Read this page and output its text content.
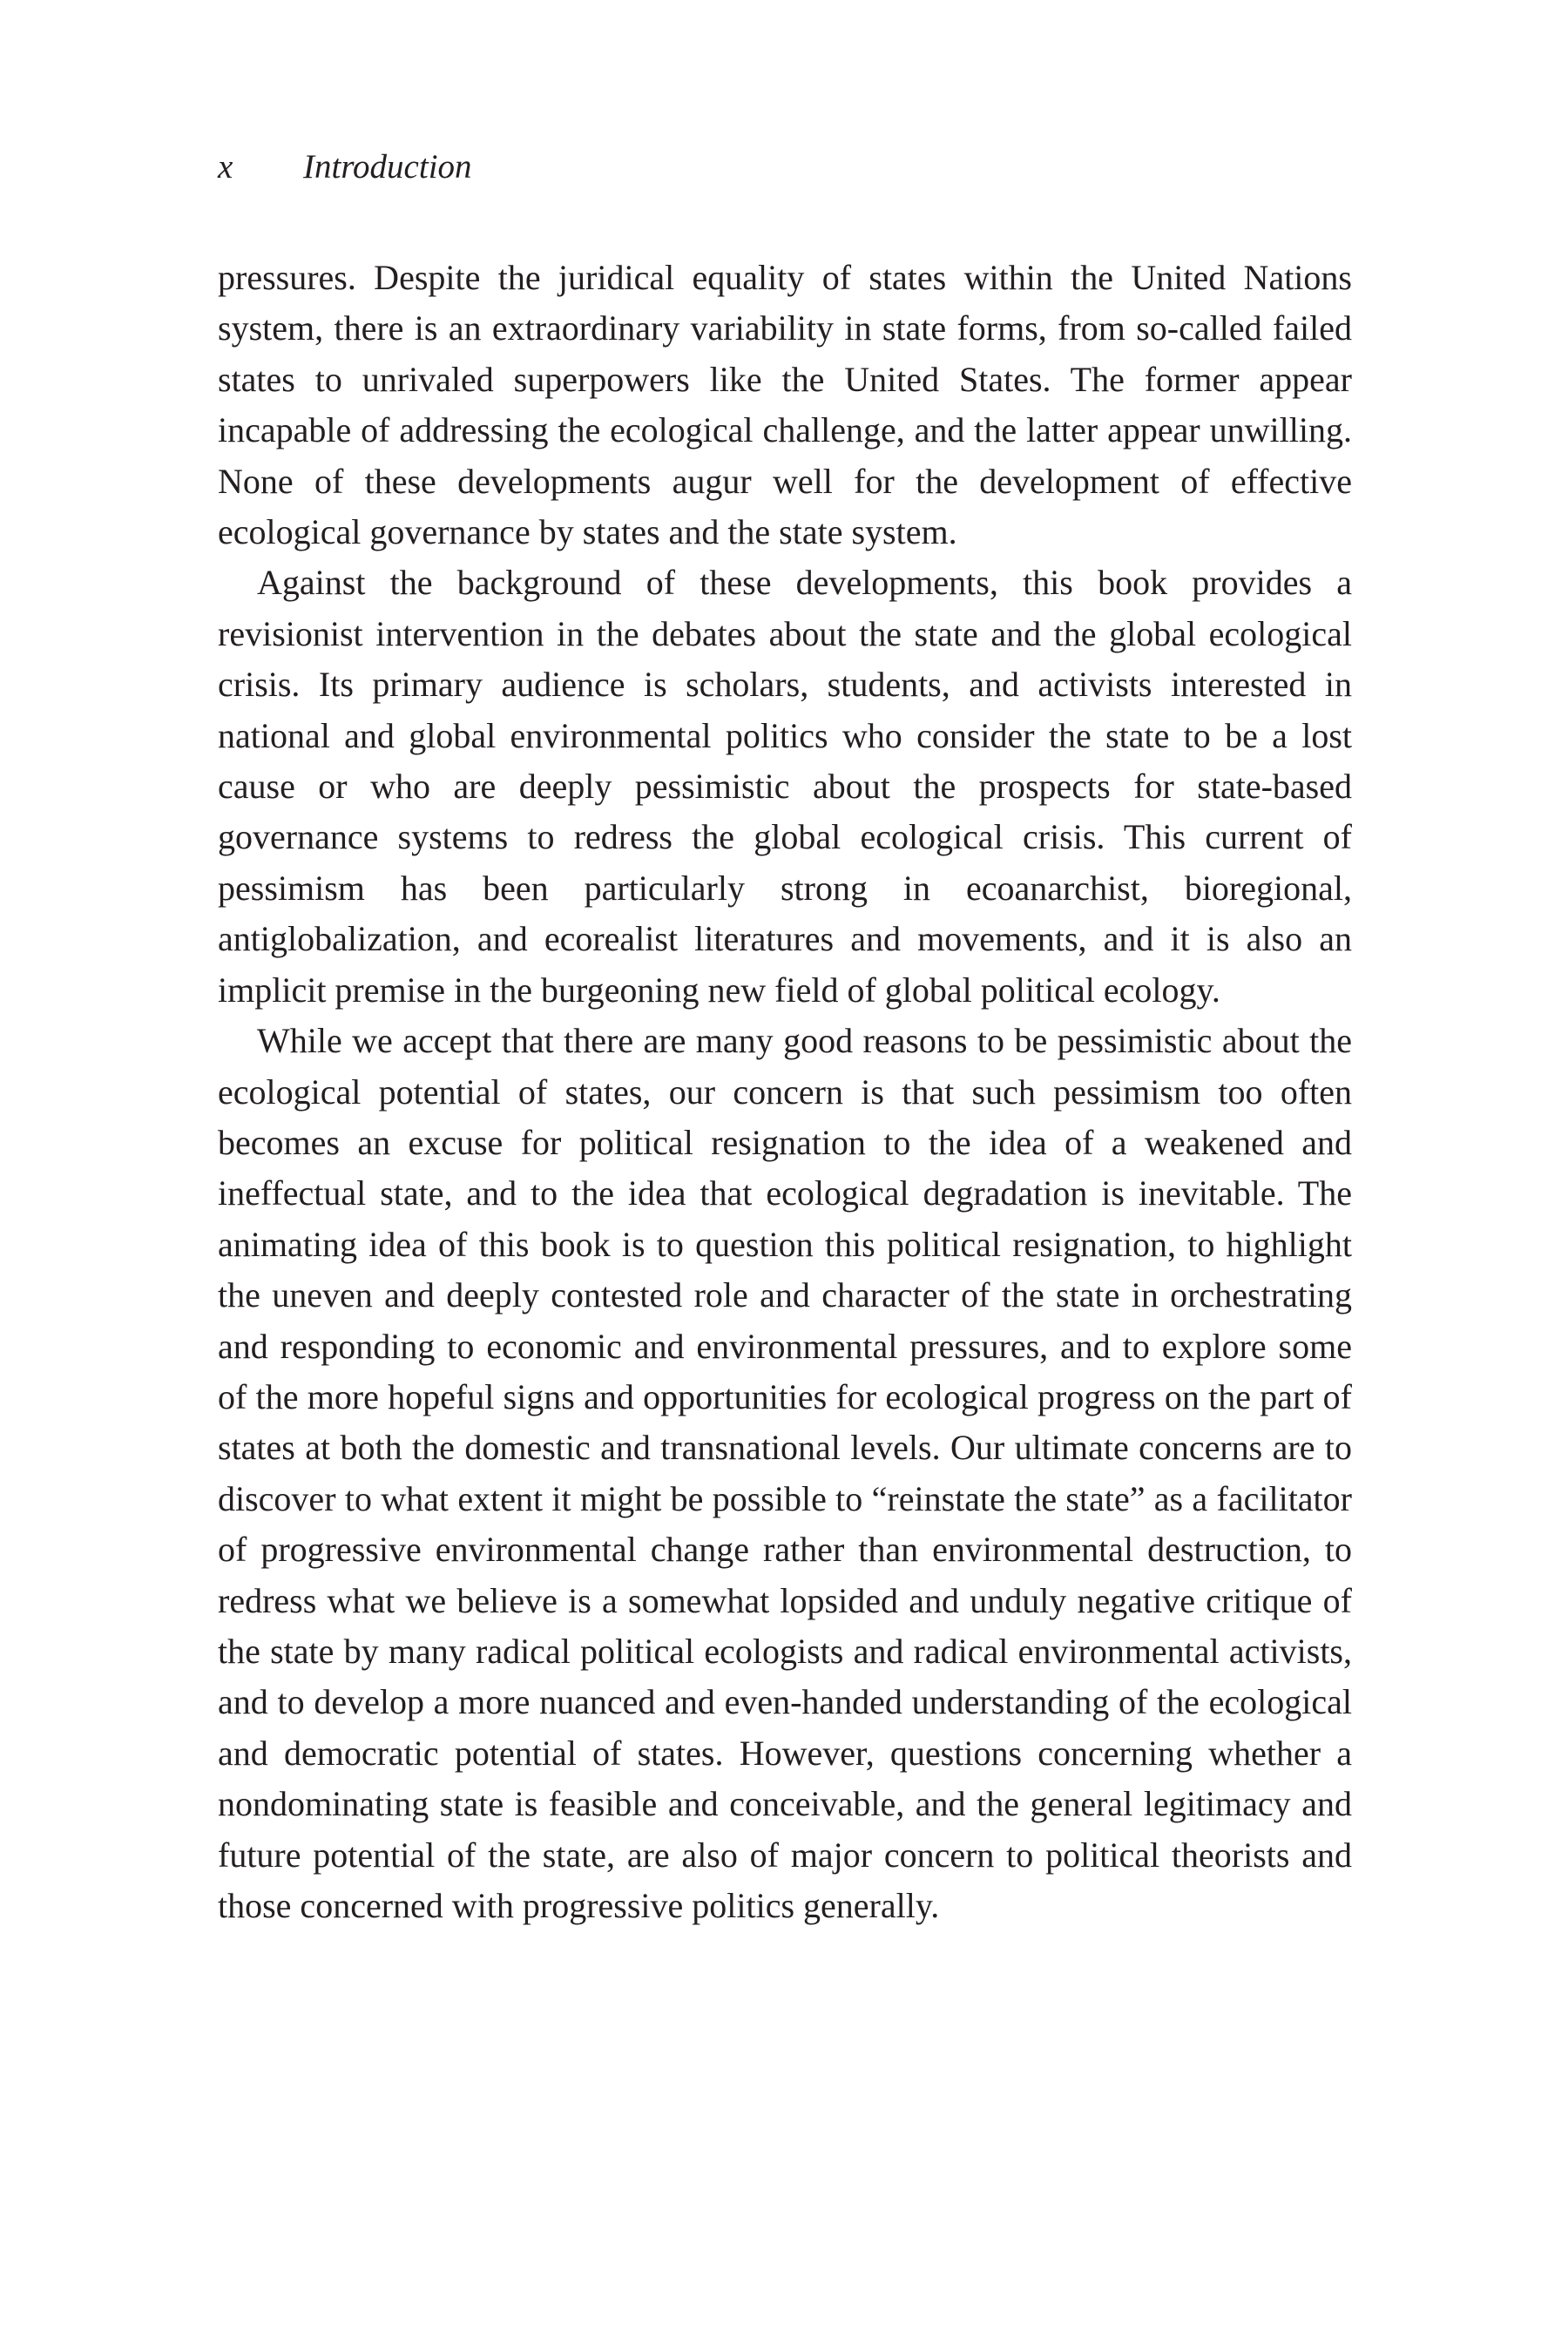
x Introduction

pressures. Despite the juridical equality of states within the United Nations system, there is an extraordinary variability in state forms, from so-called failed states to unrivaled superpowers like the United States. The former appear incapable of addressing the ecological challenge, and the latter appear unwilling. None of these developments augur well for the development of effective ecological governance by states and the state system.

Against the background of these developments, this book provides a revisionist intervention in the debates about the state and the global ecological crisis. Its primary audience is scholars, students, and activists interested in national and global environmental politics who consider the state to be a lost cause or who are deeply pessimistic about the prospects for state-based governance systems to redress the global ecological crisis. This current of pessimism has been particularly strong in ecoanarchist, bioregional, antiglobalization, and ecorealist literatures and movements, and it is also an implicit premise in the burgeoning new field of global political ecology.

While we accept that there are many good reasons to be pessimistic about the ecological potential of states, our concern is that such pessimism too often becomes an excuse for political resignation to the idea of a weakened and ineffectual state, and to the idea that ecological degradation is inevitable. The animating idea of this book is to question this political resignation, to highlight the uneven and deeply contested role and character of the state in orchestrating and responding to economic and environmental pressures, and to explore some of the more hopeful signs and opportunities for ecological progress on the part of states at both the domestic and transnational levels. Our ultimate concerns are to discover to what extent it might be possible to “reinstate the state” as a facilitator of progressive environmental change rather than environmental destruction, to redress what we believe is a somewhat lopsided and unduly negative critique of the state by many radical political ecologists and radical environmental activists, and to develop a more nuanced and even-handed understanding of the ecological and democratic potential of states. However, questions concerning whether a nondominating state is feasible and conceivable, and the general legitimacy and future potential of the state, are also of major concern to political theorists and those concerned with progressive politics generally.
